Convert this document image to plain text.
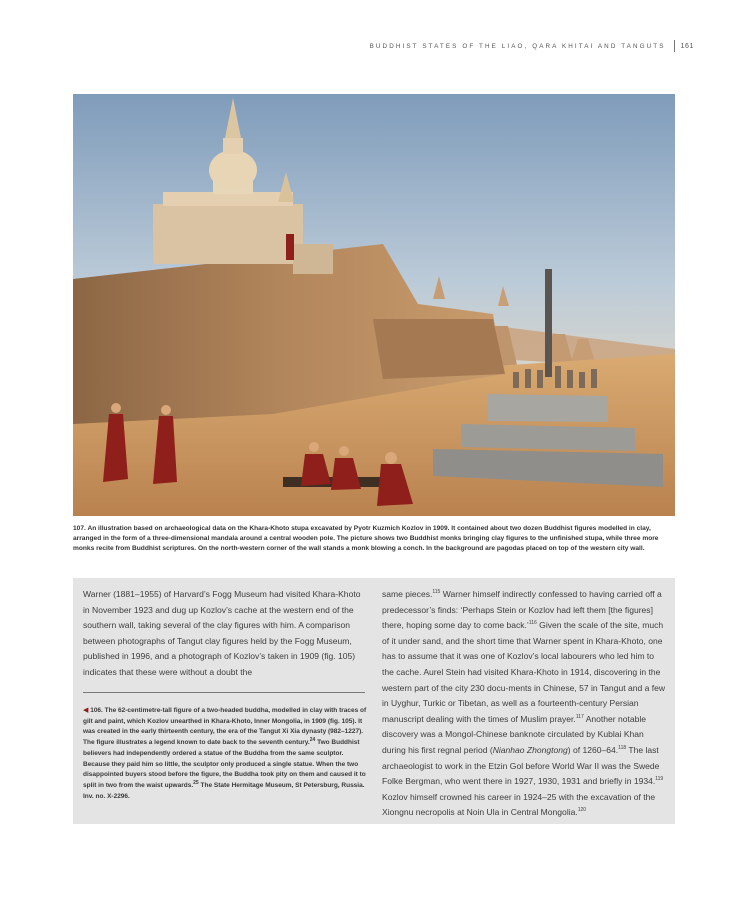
BUDDHIST STATES OF THE LIAO, QARA KHITAI AND TANGUTS 161
107. An illustration based on archaeological data on the Khara-Khoto stupa excavated by Pyotr Kuzmich Kozlov in 1909. It contained about two dozen Buddhist figures modelled in clay, arranged in the form of a three-dimensional mandala around a central wooden pole. The picture shows two Buddhist monks bringing clay figures to the unfinished stupa, while three more monks recite from Buddhist scriptures. On the north-western corner of the wall stands a monk blowing a conch. In the background are pagodas placed on top of the western city wall.

Warner (1881–1955) of Harvard’s Fogg Museum had visited Khara-Khoto in November 1923 and dug up Kozlov’s cache at the western end of the southern wall, taking several of the clay figures with him. A comparison between photographs of Tangut clay figures held by the Fogg Museum, published in 1996, and a photograph of Kozlov’s taken in 1909 (fig. 105) indicates that these were without a doubt the

◀ 106. The 62-centimetre-tall figure of a two-headed buddha, modelled in clay with traces of gilt and paint, which Kozlov unearthed in Khara-Khoto, Inner Mongolia, in 1909 (fig. 105). It was created in the early thirteenth century, the era of the Tangut Xi Xia dynasty (982–1227). The figure illustrates a legend known to date back to the seventh century.$^{24}$ Two Buddhist believers had independently ordered a statue of the Buddha from the same sculptor. Because they paid him so little, the sculptor only produced a single statue. When the two disappointed buyers stood before the figure, the Buddha took pity on them and caused it to split in two from the waist upwards.$^{25}$ The State Hermitage Museum, St Petersburg, Russia. Inv. no. X-2296.

same pieces.$^{115}$ Warner himself indirectly confessed to having carried off a predecessor’s finds: ‘Perhaps Stein or Kozlov had left them [the figures] there, hoping some day to come back.’$^{116}$ Given the scale of the site, much of it under sand, and the short time that Warner spent in Khara-Khoto, one has to assume that it was one of Kozlov’s local labourers who led him to the cache. Aurel Stein had visited Khara-Khoto in 1914, discovering in the western part of the city 230 docu-ments in Chinese, 57 in Tangut and a few in Uyghur, Turkic or Tibetan, as well as a fourteenth-century Persian manuscript dealing with the times of Muslim prayer.$^{117}$ Another notable discovery was a Mongol-Chinese banknote circulated by Kublai Khan during his first regnal period (Nianhao Zhongtong) of 1260–64.$^{118}$ The last archaeologist to work in the Etzin Gol before World War II was the Swede Folke Bergman, who went there in 1927, 1930, 1931 and briefly in 1934.$^{119}$ Kozlov himself crowned his career in 1924–25 with the excavation of the Xiongnu necropolis at Noin Ula in Central Mongolia.$^{120}$
